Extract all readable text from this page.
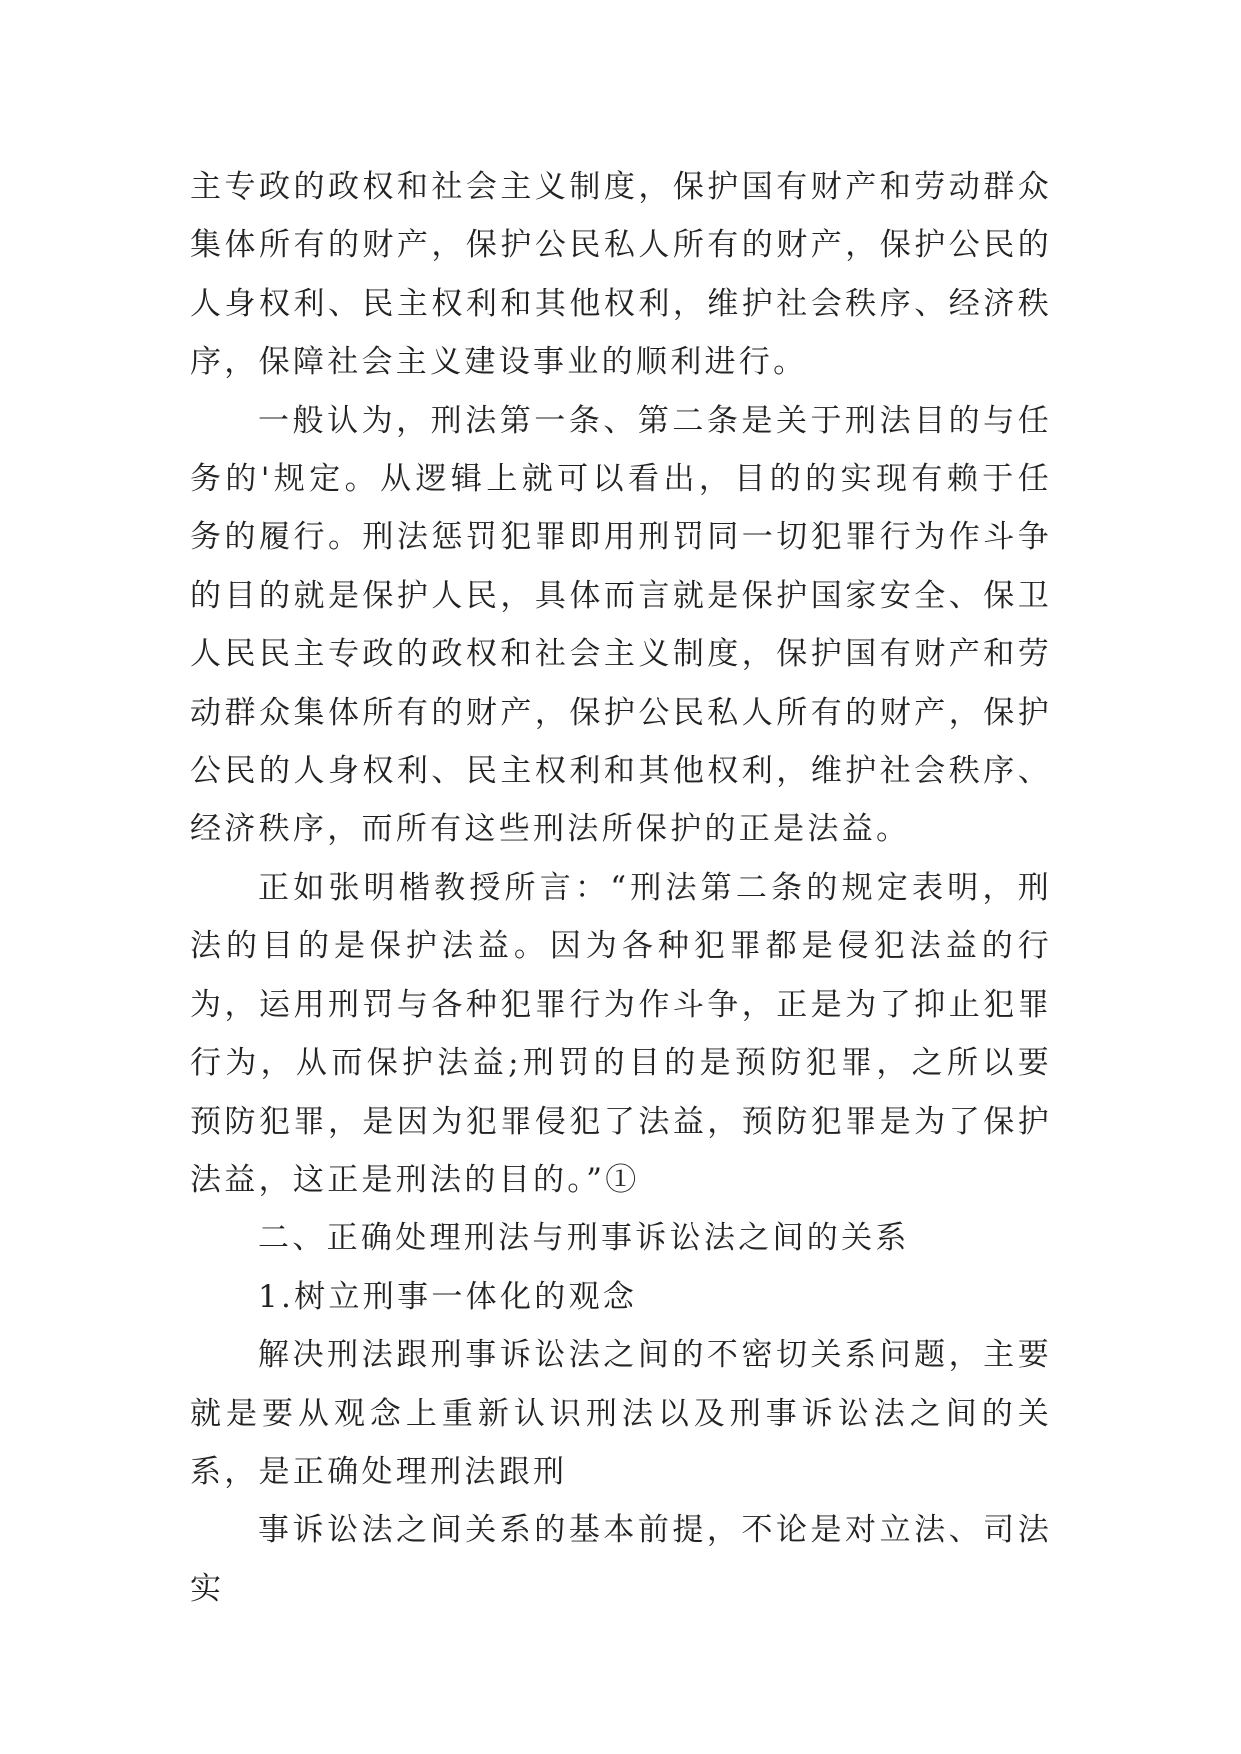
主专政的政权和社会主义制度，保护国有财产和劳动群众集体所有的财产，保护公民私人所有的财产，保护公民的人身权利、民主权利和其他权利，维护社会秩序、经济秩序，保障社会主义建设事业的顺利进行。

一般认为，刑法第一条、第二条是关于刑法目的与任务的'规定。从逻辑上就可以看出，目的的实现有赖于任务的履行。刑法惩罚犯罪即用刑罚同一切犯罪行为作斗争的目的就是保护人民，具体而言就是保护国家安全、保卫人民民主专政的政权和社会主义制度，保护国有财产和劳动群众集体所有的财产，保护公民私人所有的财产，保护公民的人身权利、民主权利和其他权利，维护社会秩序、经济秩序，而所有这些刑法所保护的正是法益。

正如张明楷教授所言：“刑法第二条的规定表明，刑法的目的是保护法益。因为各种犯罪都是侵犯法益的行为，运用刑罚与各种犯罪行为作斗争，正是为了抑止犯罪行为，从而保护法益;刑罚的目的是预防犯罪，之所以要预防犯罪，是因为犯罪侵犯了法益，预防犯罪是为了保护法益，这正是刑法的目的。”①

二、正确处理刑法与刑事诉讼法之间的关系

1.树立刑事一体化的观念

解决刑法跟刑事诉讼法之间的不密切关系问题，主要就是要从观念上重新认识刑法以及刑事诉讼法之间的关系，是正确处理刑法跟刑

事诉讼法之间关系的基本前提，不论是对立法、司法实
